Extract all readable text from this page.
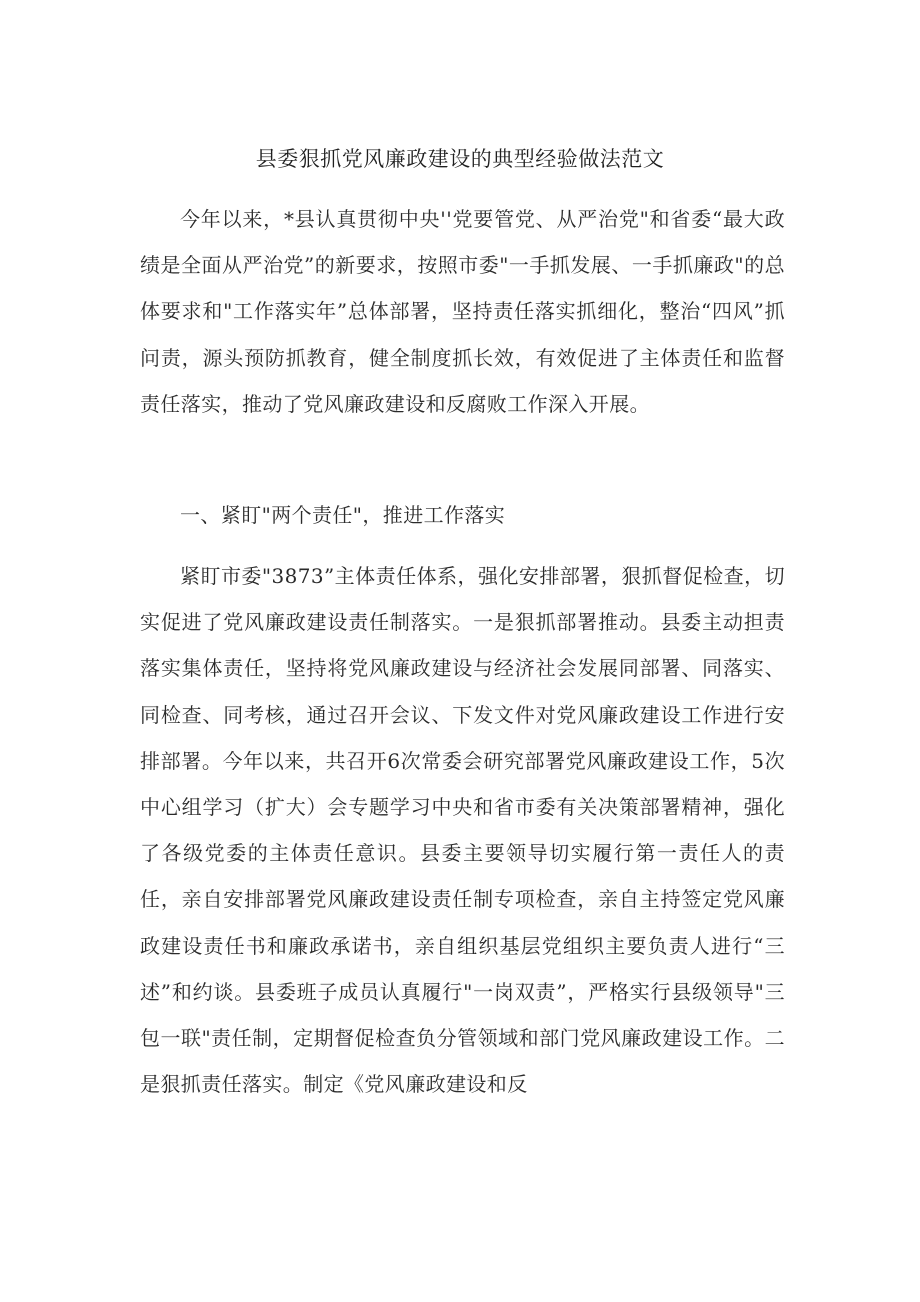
县委狠抓党风廉政建设的典型经验做法范文

今年以来，*县认真贯彻中央''党要管党、从严治党"和省委“最大政绩是全面从严治党”的新要求，按照市委"一手抓发展、一手抓廉政"的总体要求和"工作落实年”总体部署，坚持责任落实抓细化，整治“四风”抓问责，源头预防抓教育，健全制度抓长效，有效促进了主体责任和监督责任落实，推动了党风廉政建设和反腐败工作深入开展。

一、紧盯"两个责任"，推进工作落实

紧盯市委"3873”主体责任体系，强化安排部署，狠抓督促检查，切实促进了党风廉政建设责任制落实。一是狠抓部署推动。县委主动担责落实集体责任，坚持将党风廉政建设与经济社会发展同部署、同落实、同检查、同考核，通过召开会议、下发文件对党风廉政建设工作进行安排部署。今年以来，共召开6次常委会研究部署党风廉政建设工作，5次中心组学习（扩大）会专题学习中央和省市委有关决策部署精神，强化了各级党委的主体责任意识。县委主要领导切实履行第一责任人的责任，亲自安排部署党风廉政建设责任制专项检查，亲自主持签定党风廉政建设责任书和廉政承诺书，亲自组织基层党组织主要负责人进行“三述”和约谈。县委班子成员认真履行"一岗双责”，严格实行县级领导"三包一联"责任制，定期督促检查负分管领域和部门党风廉政建设工作。二是狠抓责任落实。制定《党风廉政建设和反
